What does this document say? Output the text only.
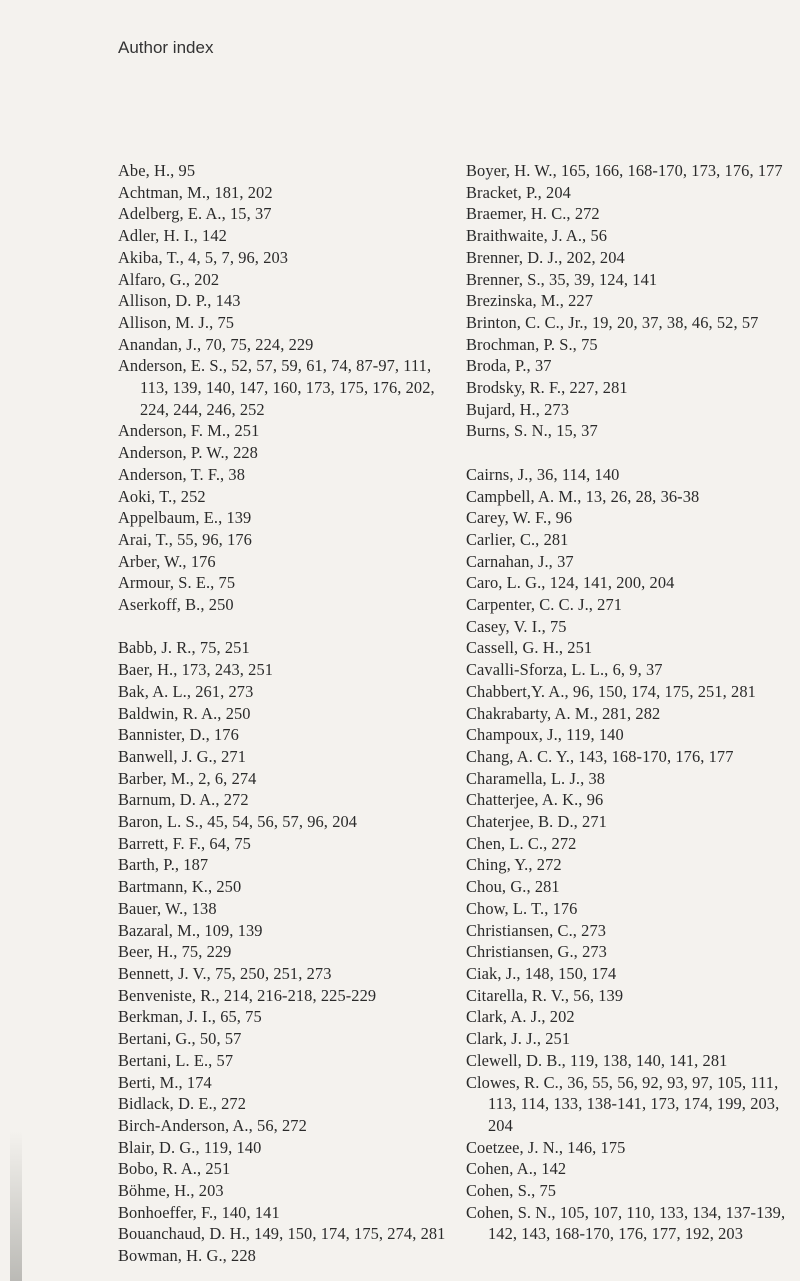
Author index

Abe, H., 95

Achtman, M., 181, 202

Adelberg, E. A., 15, 37

Adler, H. I., 142

Akiba, T., 4, 5, 7, 96, 203

Alfaro, G., 202

Allison, D. P., 143

Allison, M. J., 75

Anandan, J., 70, 75, 224, 229

Anderson, E. S., 52, 57, 59, 61, 74, 87-97, 111, 113, 139, 140, 147, 160, 173, 175, 176, 202, 224, 244, 246, 252

Anderson, F. M., 251

Anderson, P. W., 228

Anderson, T. F., 38

Aoki, T., 252

Appelbaum, E., 139

Arai, T., 55, 96, 176

Arber, W., 176

Armour, S. E., 75

Aserkoff, B., 250

Babb, J. R., 75, 251

Baer, H., 173, 243, 251

Bak, A. L., 261, 273

Baldwin, R. A., 250

Bannister, D., 176

Banwell, J. G., 271

Barber, M., 2, 6, 274

Barnum, D. A., 272

Baron, L. S., 45, 54, 56, 57, 96, 204

Barrett, F. F., 64, 75

Barth, P., 187

Bartmann, K., 250

Bauer, W., 138

Bazaral, M., 109, 139

Beer, H., 75, 229

Bennett, J. V., 75, 250, 251, 273

Benveniste, R., 214, 216-218, 225-229

Berkman, J. I., 65, 75

Bertani, G., 50, 57

Bertani, L. E., 57

Berti, M., 174

Bidlack, D. E., 272

Birch-Anderson, A., 56, 272

Blair, D. G., 119, 140

Bobo, R. A., 251

Böhme, H., 203

Bonhoeffer, F., 140, 141

Bouanchaud, D. H., 149, 150, 174, 175, 274, 281

Bowman, H. G., 228

Boyer, H. W., 165, 166, 168-170, 173, 176, 177

Bracket, P., 204

Braemer, H. C., 272

Braithwaite, J. A., 56

Brenner, D. J., 202, 204

Brenner, S., 35, 39, 124, 141

Brezinska, M., 227

Brinton, C. C., Jr., 19, 20, 37, 38, 46, 52, 57

Brochman, P. S., 75

Broda, P., 37

Brodsky, R. F., 227, 281

Bujard, H., 273

Burns, S. N., 15, 37

Cairns, J., 36, 114, 140

Campbell, A. M., 13, 26, 28, 36-38

Carey, W. F., 96

Carlier, C., 281

Carnahan, J., 37

Caro, L. G., 124, 141, 200, 204

Carpenter, C. C. J., 271

Casey, V. I., 75

Cassell, G. H., 251

Cavalli-Sforza, L. L., 6, 9, 37

Chabbert,Y. A., 96, 150, 174, 175, 251, 281

Chakrabarty, A. M., 281, 282

Champoux, J., 119, 140

Chang, A. C. Y., 143, 168-170, 176, 177

Charamella, L. J., 38

Chatterjee, A. K., 96

Chaterjee, B. D., 271

Chen, L. C., 272

Ching, Y., 272

Chou, G., 281

Chow, L. T., 176

Christiansen, C., 273

Christiansen, G., 273

Ciak, J., 148, 150, 174

Citarella, R. V., 56, 139

Clark, A. J., 202

Clark, J. J., 251

Clewell, D. B., 119, 138, 140, 141, 281

Clowes, R. C., 36, 55, 56, 92, 93, 97, 105, 111, 113, 114, 133, 138-141, 173, 174, 199, 203, 204

Coetzee, J. N., 146, 175

Cohen, A., 142

Cohen, S., 75

Cohen, S. N., 105, 107, 110, 133, 134, 137-139, 142, 143, 168-170, 176, 177, 192, 203
